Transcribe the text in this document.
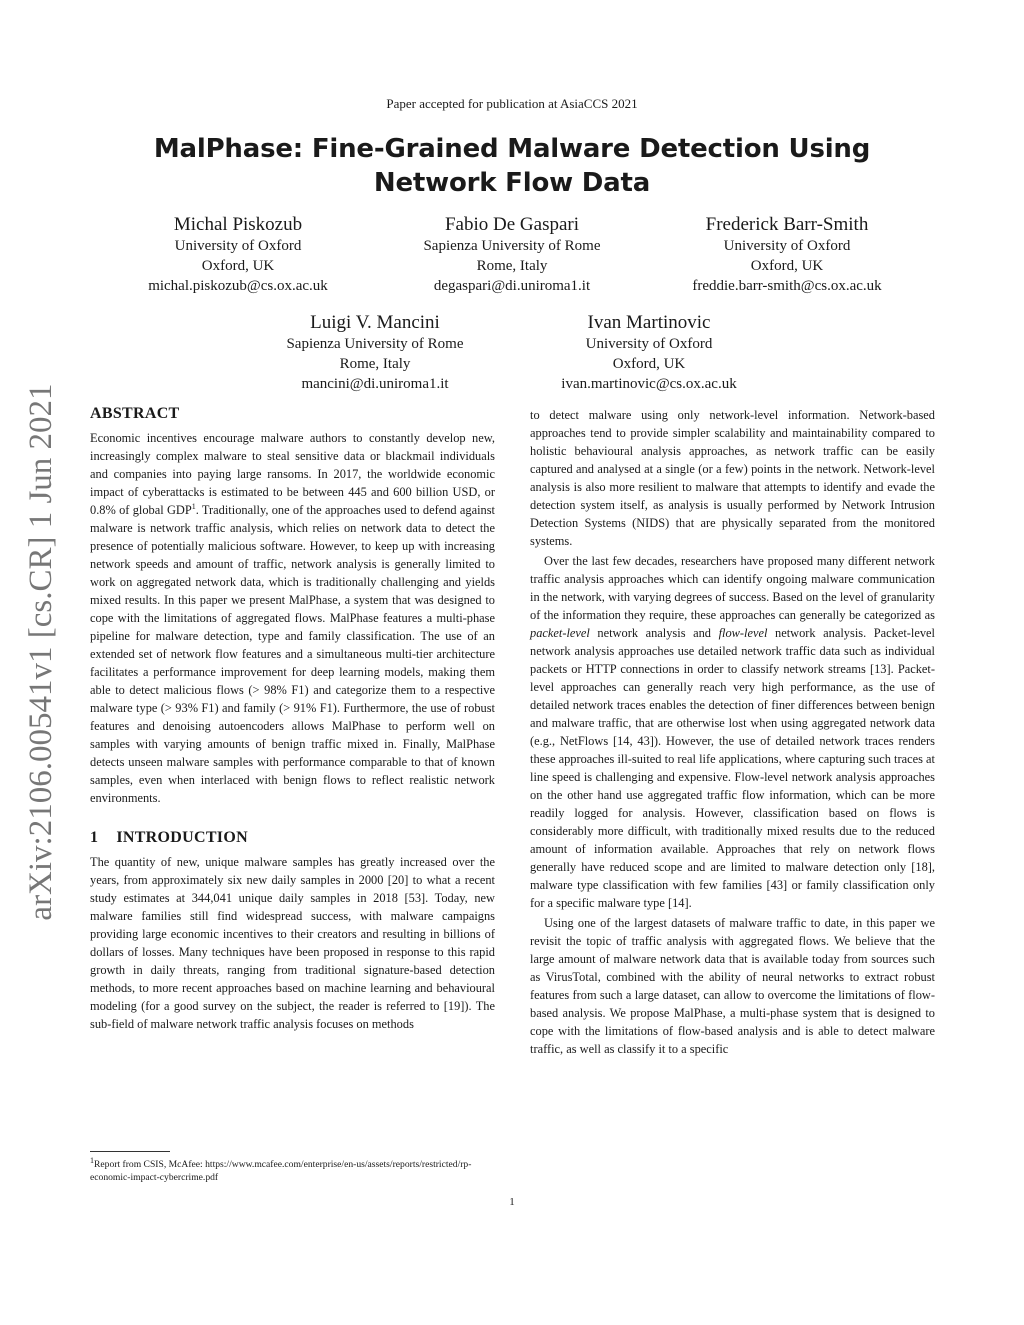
Paper accepted for publication at AsiaCCS 2021
MalPhase: Fine-Grained Malware Detection Using Network Flow Data
Michal Piskozub
University of Oxford
Oxford, UK
michal.piskozub@cs.ox.ac.uk
Fabio De Gaspari
Sapienza University of Rome
Rome, Italy
degaspari@di.uniroma1.it
Frederick Barr-Smith
University of Oxford
Oxford, UK
freddie.barr-smith@cs.ox.ac.uk
Luigi V. Mancini
Sapienza University of Rome
Rome, Italy
mancini@di.uniroma1.it
Ivan Martinovic
University of Oxford
Oxford, UK
ivan.martinovic@cs.ox.ac.uk
arXiv:2106.00541v1 [cs.CR] 1 Jun 2021	ABSTRACT

Economic incentives encourage malware authors to constantly develop new, increasingly complex malware to steal sensitive data or blackmail individuals and companies into paying large ransoms. In 2017, the worldwide economic impact of cyberattacks is estimated to be between 445 and 600 billion USD, or 0.8% of global GDP$^1$. Traditionally, one of the approaches used to defend against malware is network traffic analysis, which relies on network data to detect the presence of potentially malicious software. However, to keep up with increasing network speeds and amount of traffic, network analysis is generally limited to work on aggregated network data, which is traditionally challenging and yields mixed results. In this paper we present MalPhase, a system that was designed to cope with the limitations of aggregated flows. MalPhase features a multi-phase pipeline for malware detection, type and family classification. The use of an extended set of network flow features and a simultaneous multi-tier architecture facilitates a performance improvement for deep learning models, making them able to detect malicious flows (> 98% F1) and categorize them to a respective malware type (> 93% F1) and family (> 91% F1). Furthermore, the use of robust features and denoising autoencoders allows MalPhase to perform well on samples with varying amounts of benign traffic mixed in. Finally, MalPhase detects unseen malware samples with performance comparable to that of known samples, even when interlaced with benign flows to reflect realistic network environments.

1 INTRODUCTION

The quantity of new, unique malware samples has greatly increased over the years, from approximately six new daily samples in 2000 [20] to what a recent study estimates at 344,041 unique daily samples in 2018 [53]. Today, new malware families still find widespread success, with malware campaigns providing large economic incentives to their creators and resulting in billions of dollars of losses. Many techniques have been proposed in response to this rapid growth in daily threats, ranging from traditional signature-based detection methods, to more recent approaches based on machine learning and behavioural modeling (for a good survey on the subject, the reader is referred to [19]). The sub-field of malware network traffic analysis focuses on methods

$^1$Report from CSIS, McAfee: https://www.mcafee.com/enterprise/en-us/assets/reports/restricted/rp-economic-impact-cybercrime.pdf

to detect malware using only network-level information. Network-based approaches tend to provide simpler scalability and maintainability compared to holistic behavioural analysis approaches, as network traffic can be easily captured and analysed at a single (or a few) points in the network. Network-level analysis is also more resilient to malware that attempts to identify and evade the detection system itself, as analysis is usually performed by Network Intrusion Detection Systems (NIDS) that are physically separated from the monitored systems.

Over the last few decades, researchers have proposed many different network traffic analysis approaches which can identify ongoing malware communication in the network, with varying degrees of success. Based on the level of granularity of the information they require, these approaches can generally be categorized as packet-level network analysis and flow-level network analysis. Packet-level network analysis approaches use detailed network traffic data such as individual packets or HTTP connections in order to classify network streams [13]. Packet-level approaches can generally reach very high performance, as the use of detailed network traces enables the detection of finer differences between benign and malware traffic, that are otherwise lost when using aggregated network data (e.g., NetFlows [14, 43]). However, the use of detailed network traces renders these approaches ill-suited to real life applications, where capturing such traces at line speed is challenging and expensive. Flow-level network analysis approaches on the other hand use aggregated traffic flow information, which can be more readily logged for analysis. However, classification based on flows is considerably more difficult, with traditionally mixed results due to the reduced amount of information available. Approaches that rely on network flows generally have reduced scope and are limited to malware detection only [18], malware type classification with few families [43] or family classification only for a specific malware type [14].

Using one of the largest datasets of malware traffic to date, in this paper we revisit the topic of traffic analysis with aggregated flows. We believe that the large amount of malware network data that is available today from sources such as VirusTotal, combined with the ability of neural networks to extract robust features from such a large dataset, can allow to overcome the limitations of flow-based analysis. We propose MalPhase, a multi-phase system that is designed to cope with the limitations of flow-based analysis and is able to detect malware traffic, as well as classify it to a specific

1
